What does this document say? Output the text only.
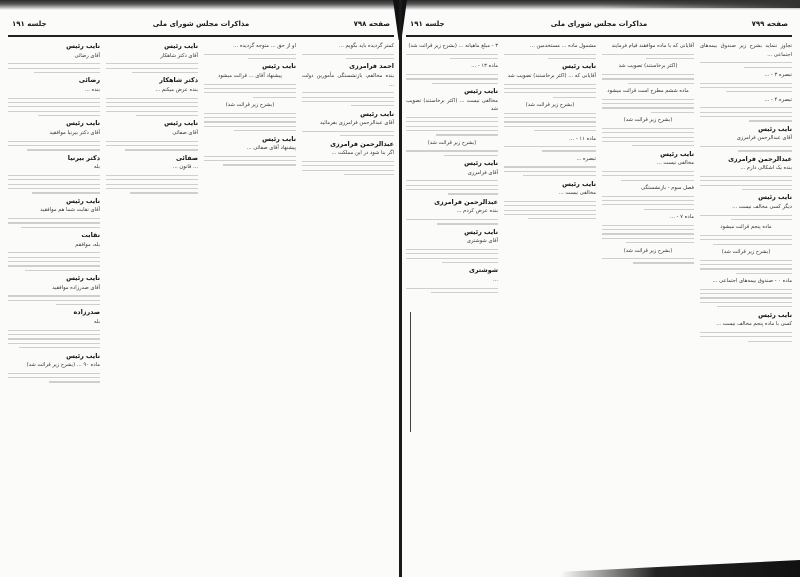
صفحه ۷۹۸
مذاکرات مجلس شورای ملی
جلسه ۱۹۱

کمتر گردیده باید بگویم ...

احمد فرامرزی

بنده مخالفم، بازنشستگی مأمورین دولت ...

نایب رئیس

آقای عبدالرحمن فرامرزی بفرمائید

عبدالرحمن فرامرزی

اگر بنا شود در این مملکت ...

او از حق ... متوجه گردیده ...

نایب رئیس

پیشنهاد آقای ... قرائت میشود

(بشرح زیر قرائت شد)

نایب رئیس

پیشنهاد آقای صفائی ...

نایب رئیس

آقای دکتر شاهکار

دکتر شاهکار

بنده عرض میکنم ...

نایب رئیس

آقای صفائی

صفائی

... قانون ...

نایب رئیس

آقای رضائی

رضائی

بنده ...

نایب رئیس

آقای دکتر بیرنیا موافقید

دکتر بیرنیا

بله

نایب رئیس

آقای نقابت شما هم موافقید

نقابت

بله، موافقم

نایب رئیس

آقای صدرزاده موافقید

صدرزاده

بله

نایب رئیس

ماده ۹۰ ... (بشرح زیر قرائت شد)

صفحه ۷۹۹
مذاکرات مجلس شورای ملی
جلسه ۱۹۱

تجاوز ننماید بشرح زیر صندوق بیمه‌های اجتماعی ...

تبصره ۳ - ...

تبصره ۴ - ...

نایب رئیس

آقای عبدالرحمن فرامرزی

عبدالرحمن فرامرزی

بنده یک اشکالی دارم ...

نایب رئیس

دیگر کسی مخالف نیست ...

ماده پنجم قرائت میشود

(بشرح زیر قرائت شد)

ماده ۰ - صندوق بیمه‌های اجتماعی ...

نایب رئیس

کسی با ماده پنجم مخالف نیست ...

آقایانی که با ماده موافقند قیام فرمایند

(اکثر برخاستند) تصویب شد

ماده ششم مطرح است قرائت میشود

(بشرح زیر قرائت شد)

نایب رئیس

مخالفی نیست ...

فصل سوم - بازنشستگی

ماده ۷ - ...

(بشرح زیر قرائت شد)

مشمول ماده ... مستخدمین ...

نایب رئیس

آقایانی که ... (اکثر برخاستند) تصویب شد

(بشرح زیر قرائت شد)

ماده ۱۱ - ...

تبصره ...

نایب رئیس

مخالفی نیست ...

۳ - مبلغ ماهیانه ... (بشرح زیر قرائت شد)

ماده ۱۳ - ...

نایب رئیس

مخالفی نیست ... (اکثر برخاستند) تصویب شد

(بشرح زیر قرائت شد)

نایب رئیس

آقای فرامرزی

عبدالرحمن فرامرزی

بنده عرض کردم ...

نایب رئیس

آقای شوشتری

شوشتری

...
